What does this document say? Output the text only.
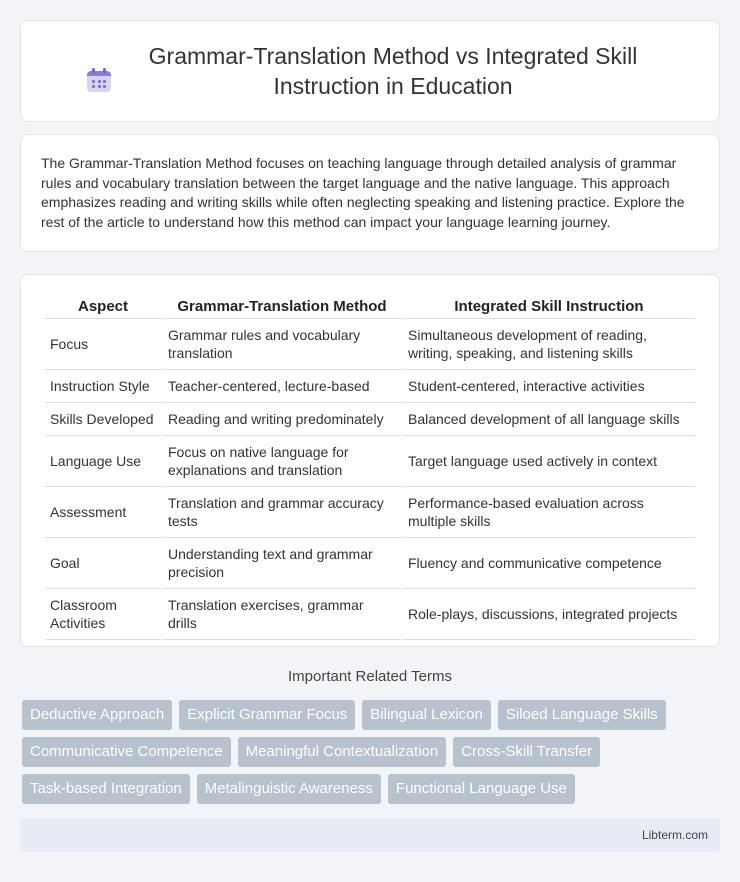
Grammar-Translation Method vs Integrated Skill Instruction in Education

The Grammar-Translation Method focuses on teaching language through detailed analysis of grammar rules and vocabulary translation between the target language and the native language. This approach emphasizes reading and writing skills while often neglecting speaking and listening practice. Explore the rest of the article to understand how this method can impact your language learning journey.

Aspect	Grammar-Translation Method	Integrated Skill Instruction
Focus	Grammar rules and vocabulary translation	Simultaneous development of reading, writing, speaking, and listening skills
Instruction Style	Teacher-centered, lecture-based	Student-centered, interactive activities
Skills Developed	Reading and writing predominately	Balanced development of all language skills
Language Use	Focus on native language for explanations and translation	Target language used actively in context
Assessment	Translation and grammar accuracy tests	Performance-based evaluation across multiple skills
Goal	Understanding text and grammar precision	Fluency and communicative competence
Classroom Activities	Translation exercises, grammar drills	Role-plays, discussions, integrated projects
Important Related Terms
Deductive Approach	Explicit Grammar Focus	Bilingual Lexicon	Siloed Language Skills
Communicative Competence	Meaningful Contextualization	Cross-Skill Transfer
Task-based Integration	Metalinguistic Awareness	Functional Language Use
Libterm.com
